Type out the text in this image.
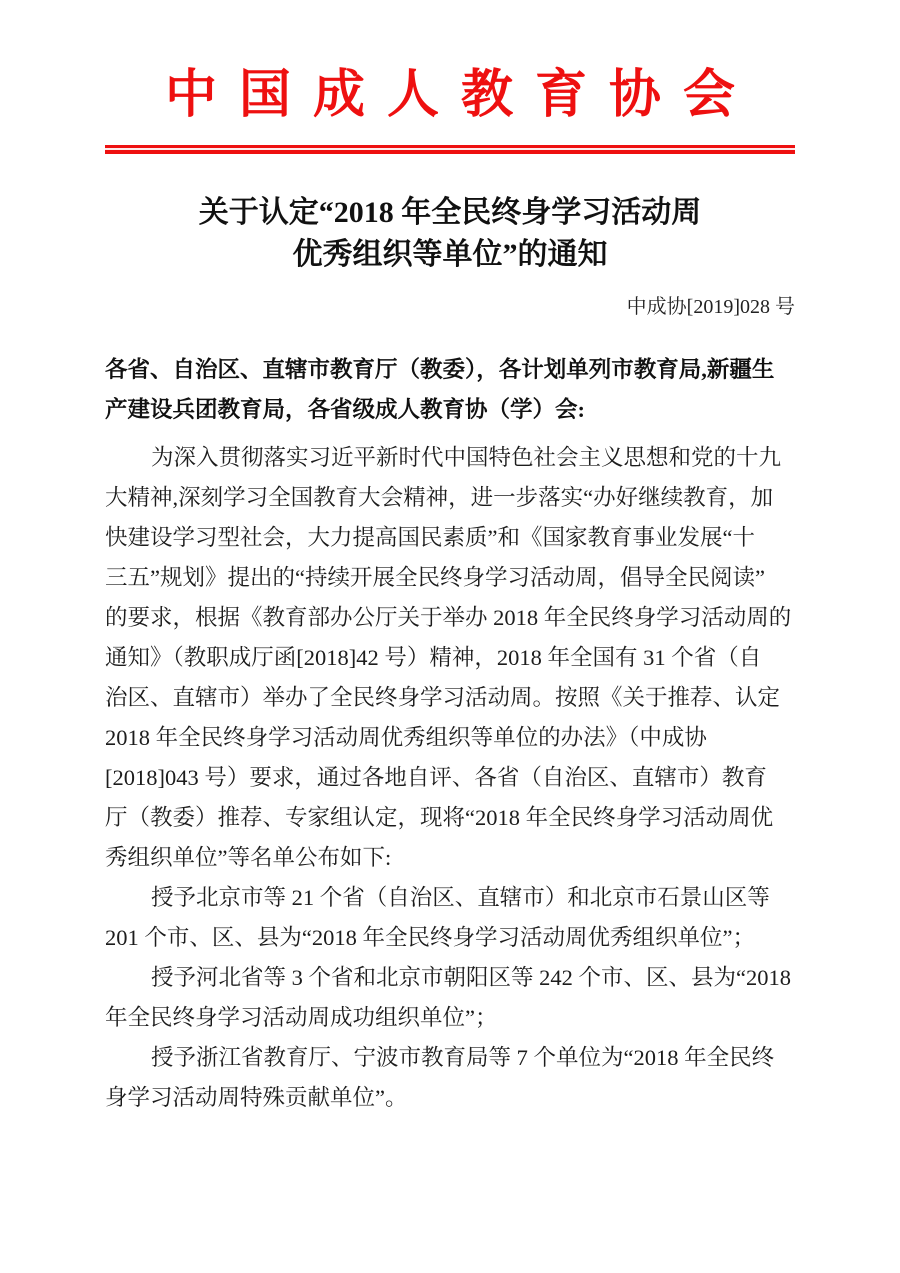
中国成人教育协会
关于认定“2018 年全民终身学习活动周
优秀组织等单位”的通知
中成协[2019]028 号
各省、自治区、直辖市教育厅（教委），各计划单列市教育局,新疆生
产建设兵团教育局，各省级成人教育协（学）会:
为深入贯彻落实习近平新时代中国特色社会主义思想和党的十九
大精神,深刻学习全国教育大会精神，进一步落实“办好继续教育，加
快建设学习型社会，大力提高国民素质”和《国家教育事业发展“十
三五”规划》提出的“持续开展全民终身学习活动周，倡导全民阅读”
的要求，根据《教育部办公厅关于举办 2018 年全民终身学习活动周的
通知》（教职成厅函[2018]42 号）精神，2018 年全国有 31 个省（自
治区、直辖市）举办了全民终身学习活动周。按照《关于推荐、认定
2018 年全民终身学习活动周优秀组织等单位的办法》（中成协
[2018]043 号）要求，通过各地自评、各省（自治区、直辖市）教育
厅（教委）推荐、专家组认定，现将“2018 年全民终身学习活动周优
秀组织单位”等名单公布如下:
授予北京市等 21 个省（自治区、直辖市）和北京市石景山区等
201 个市、区、县为“2018 年全民终身学习活动周优秀组织单位”；
授予河北省等 3 个省和北京市朝阳区等 242 个市、区、县为“2018
年全民终身学习活动周成功组织单位”；
授予浙江省教育厅、宁波市教育局等 7 个单位为“2018 年全民终
身学习活动周特殊贡献单位”。
